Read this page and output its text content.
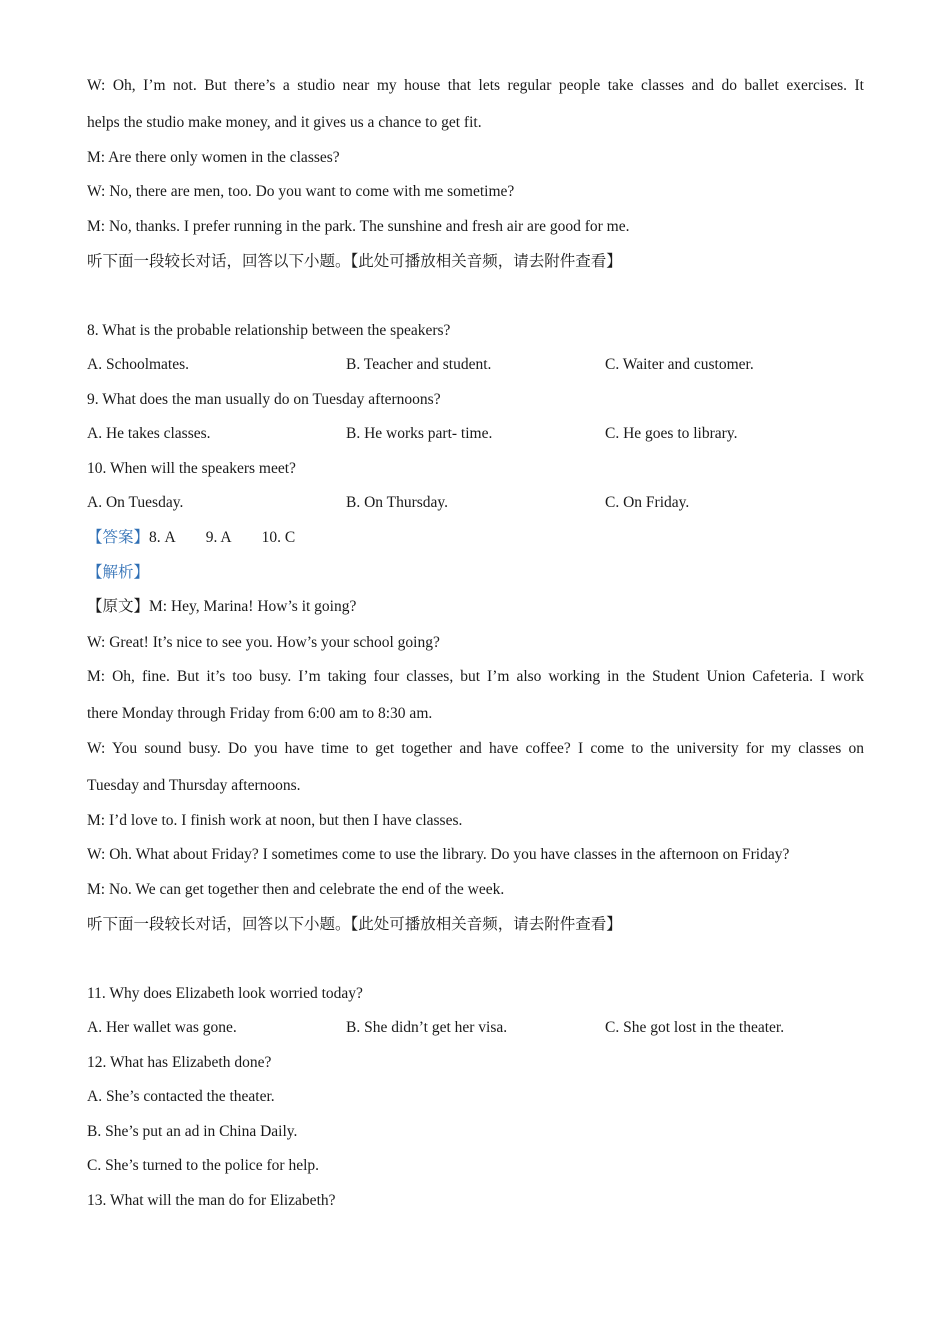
W: Oh, I’m not. But there’s a studio near my house that lets regular people take classes and do ballet exercises. It
helps the studio make money, and it gives us a chance to get fit.
M: Are there only women in the classes?
W: No, there are men, too. Do you want to come with me sometime?
M: No, thanks. I prefer running in the park. The sunshine and fresh air are good for me.
听下面一段较长对话，回答以下小题。【此处可播放相关音频，请去附件查看】
8. What is the probable relationship between the speakers?
A. Schoolmates.	B. Teacher and student.	C. Waiter and customer.
9. What does the man usually do on Tuesday afternoons?
A. He takes classes.	B. He works part- time.	C. He goes to library.
10. When will the speakers meet?
A. On Tuesday.	B. On Thursday.	C. On Friday.
【答案】8. A 9. A 10. C
【解析】
【原文】M: Hey, Marina! How’s it going?
W: Great! It’s nice to see you. How’s your school going?
M: Oh, fine. But it’s too busy. I’m taking four classes, but I’m also working in the Student Union Cafeteria. I work
there Monday through Friday from 6:00 am to 8:30 am.
W: You sound busy. Do you have time to get together and have coffee? I come to the university for my classes on
Tuesday and Thursday afternoons.
M: I’d love to. I finish work at noon, but then I have classes.
W: Oh. What about Friday? I sometimes come to use the library. Do you have classes in the afternoon on Friday?
M: No. We can get together then and celebrate the end of the week.
听下面一段较长对话，回答以下小题。【此处可播放相关音频，请去附件查看】
11. Why does Elizabeth look worried today?
A. Her wallet was gone.	B. She didn’t get her visa.	C. She got lost in the theater.
12. What has Elizabeth done?
A. She’s contacted the theater.
B. She’s put an ad in China Daily.
C. She’s turned to the police for help.
13. What will the man do for Elizabeth?
